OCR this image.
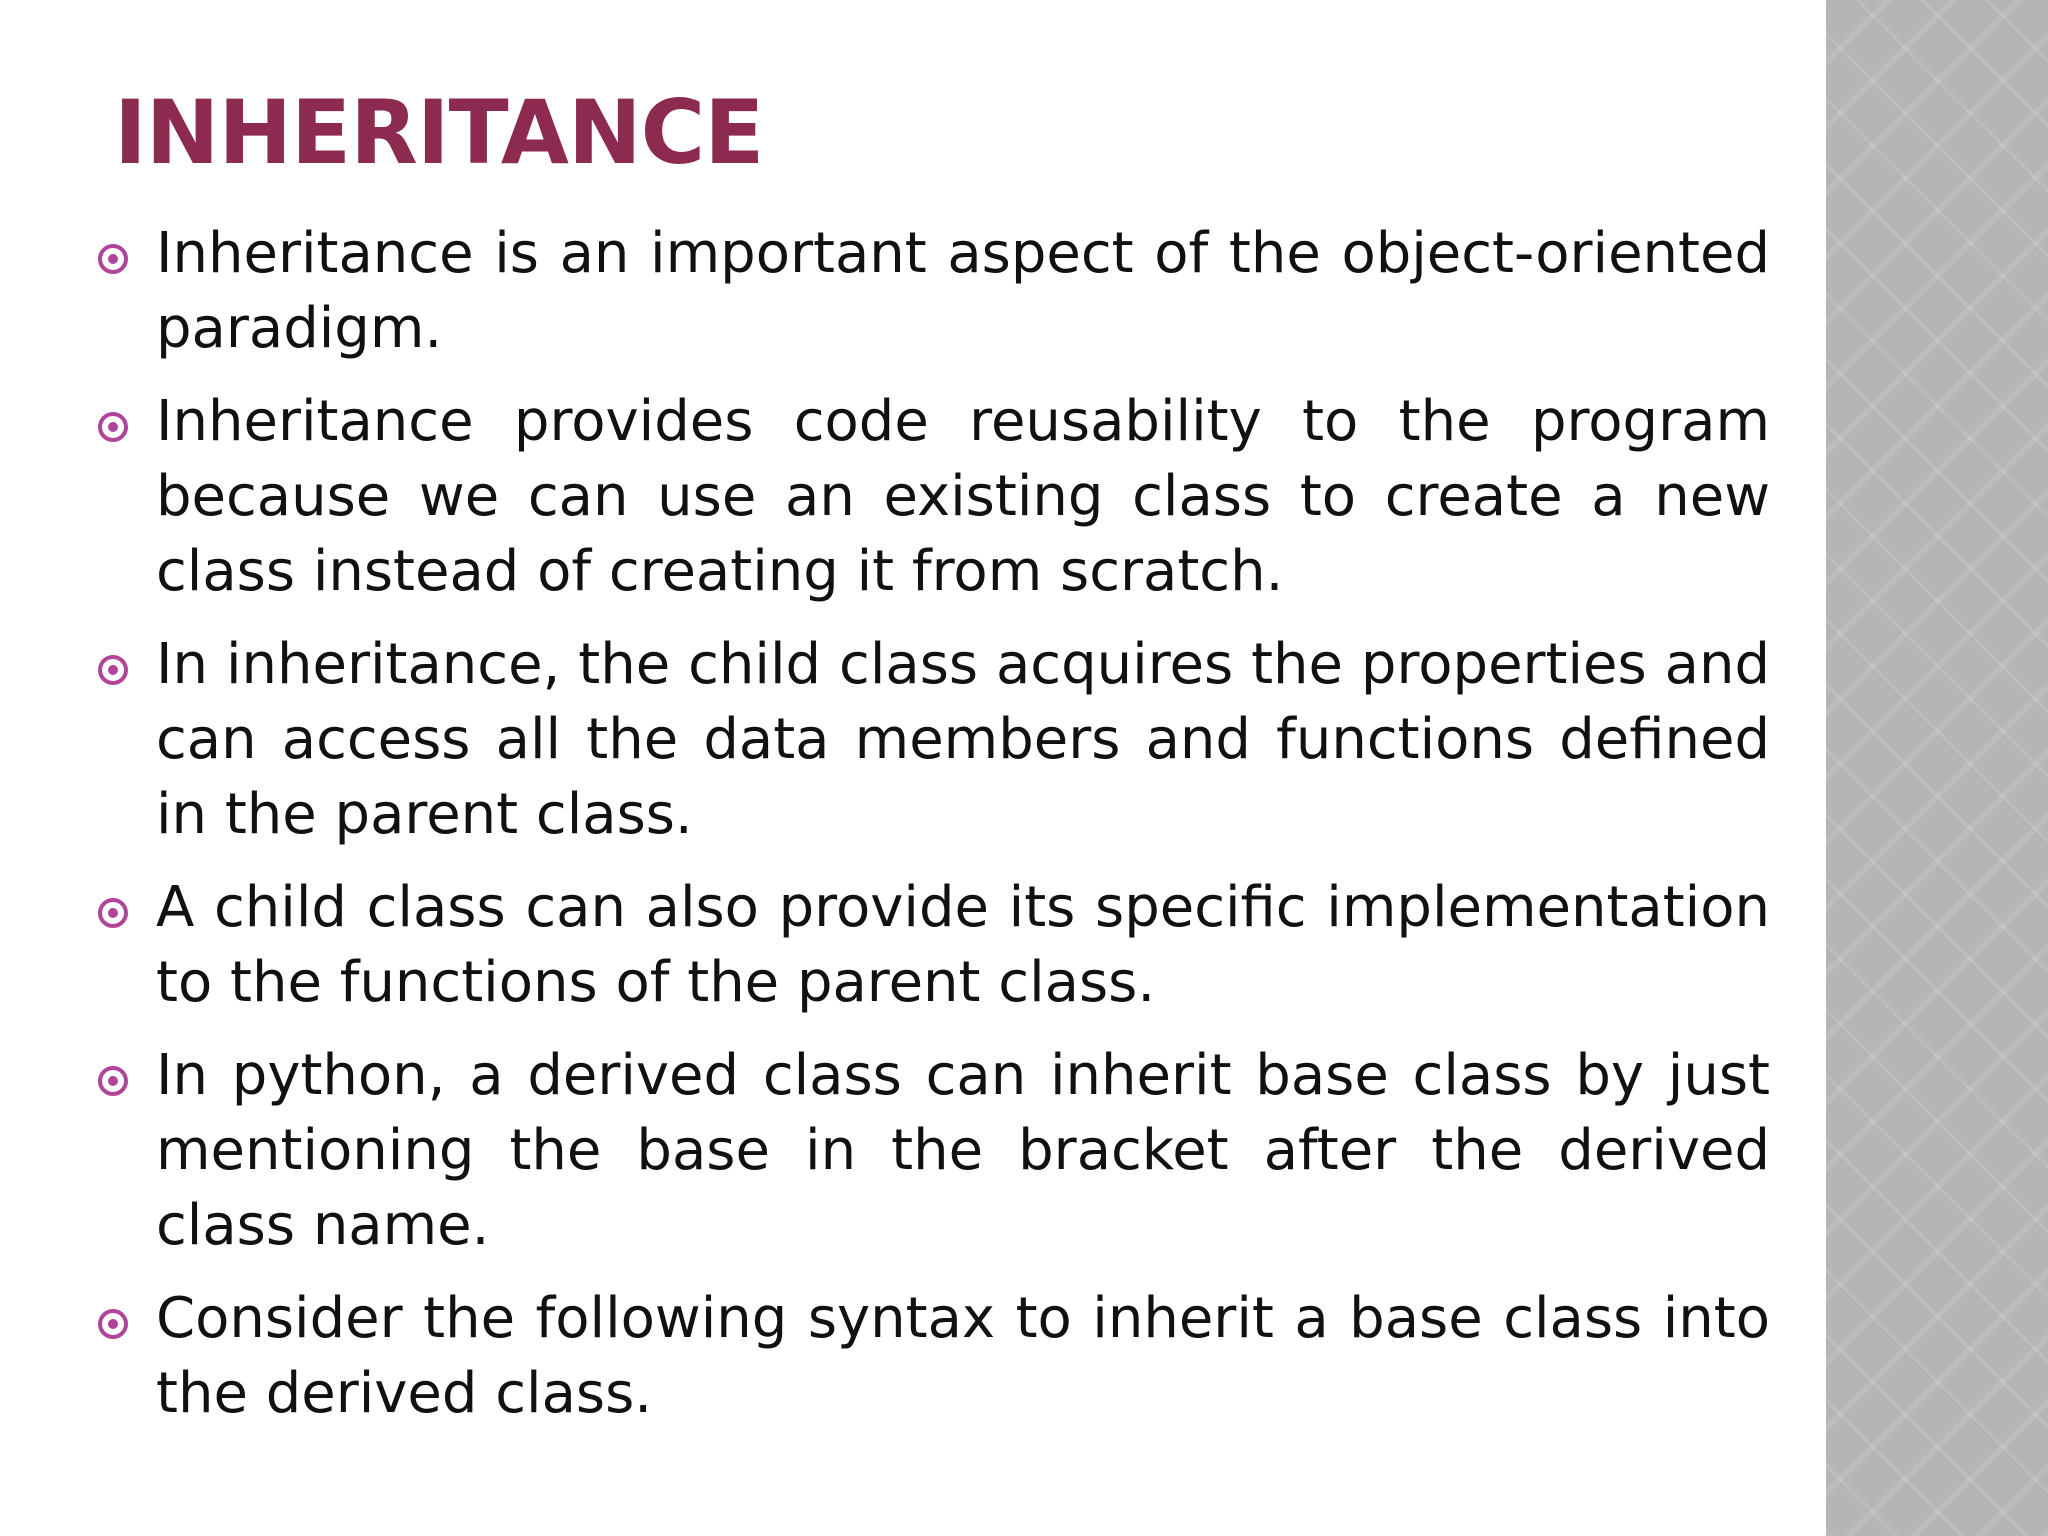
INHERITANCE
Inheritance is an important aspect of the object-oriented paradigm.
Inheritance provides code reusability to the program because we can use an existing class to create a new class instead of creating it from scratch.
In inheritance, the child class acquires the properties and can access all the data members and functions defined in the parent class.
A child class can also provide its specific implementation to the functions of the parent class.
In python, a derived class can inherit base class by just mentioning the base in the bracket after the derived class name.
Consider the following syntax to inherit a base class into the derived class.
